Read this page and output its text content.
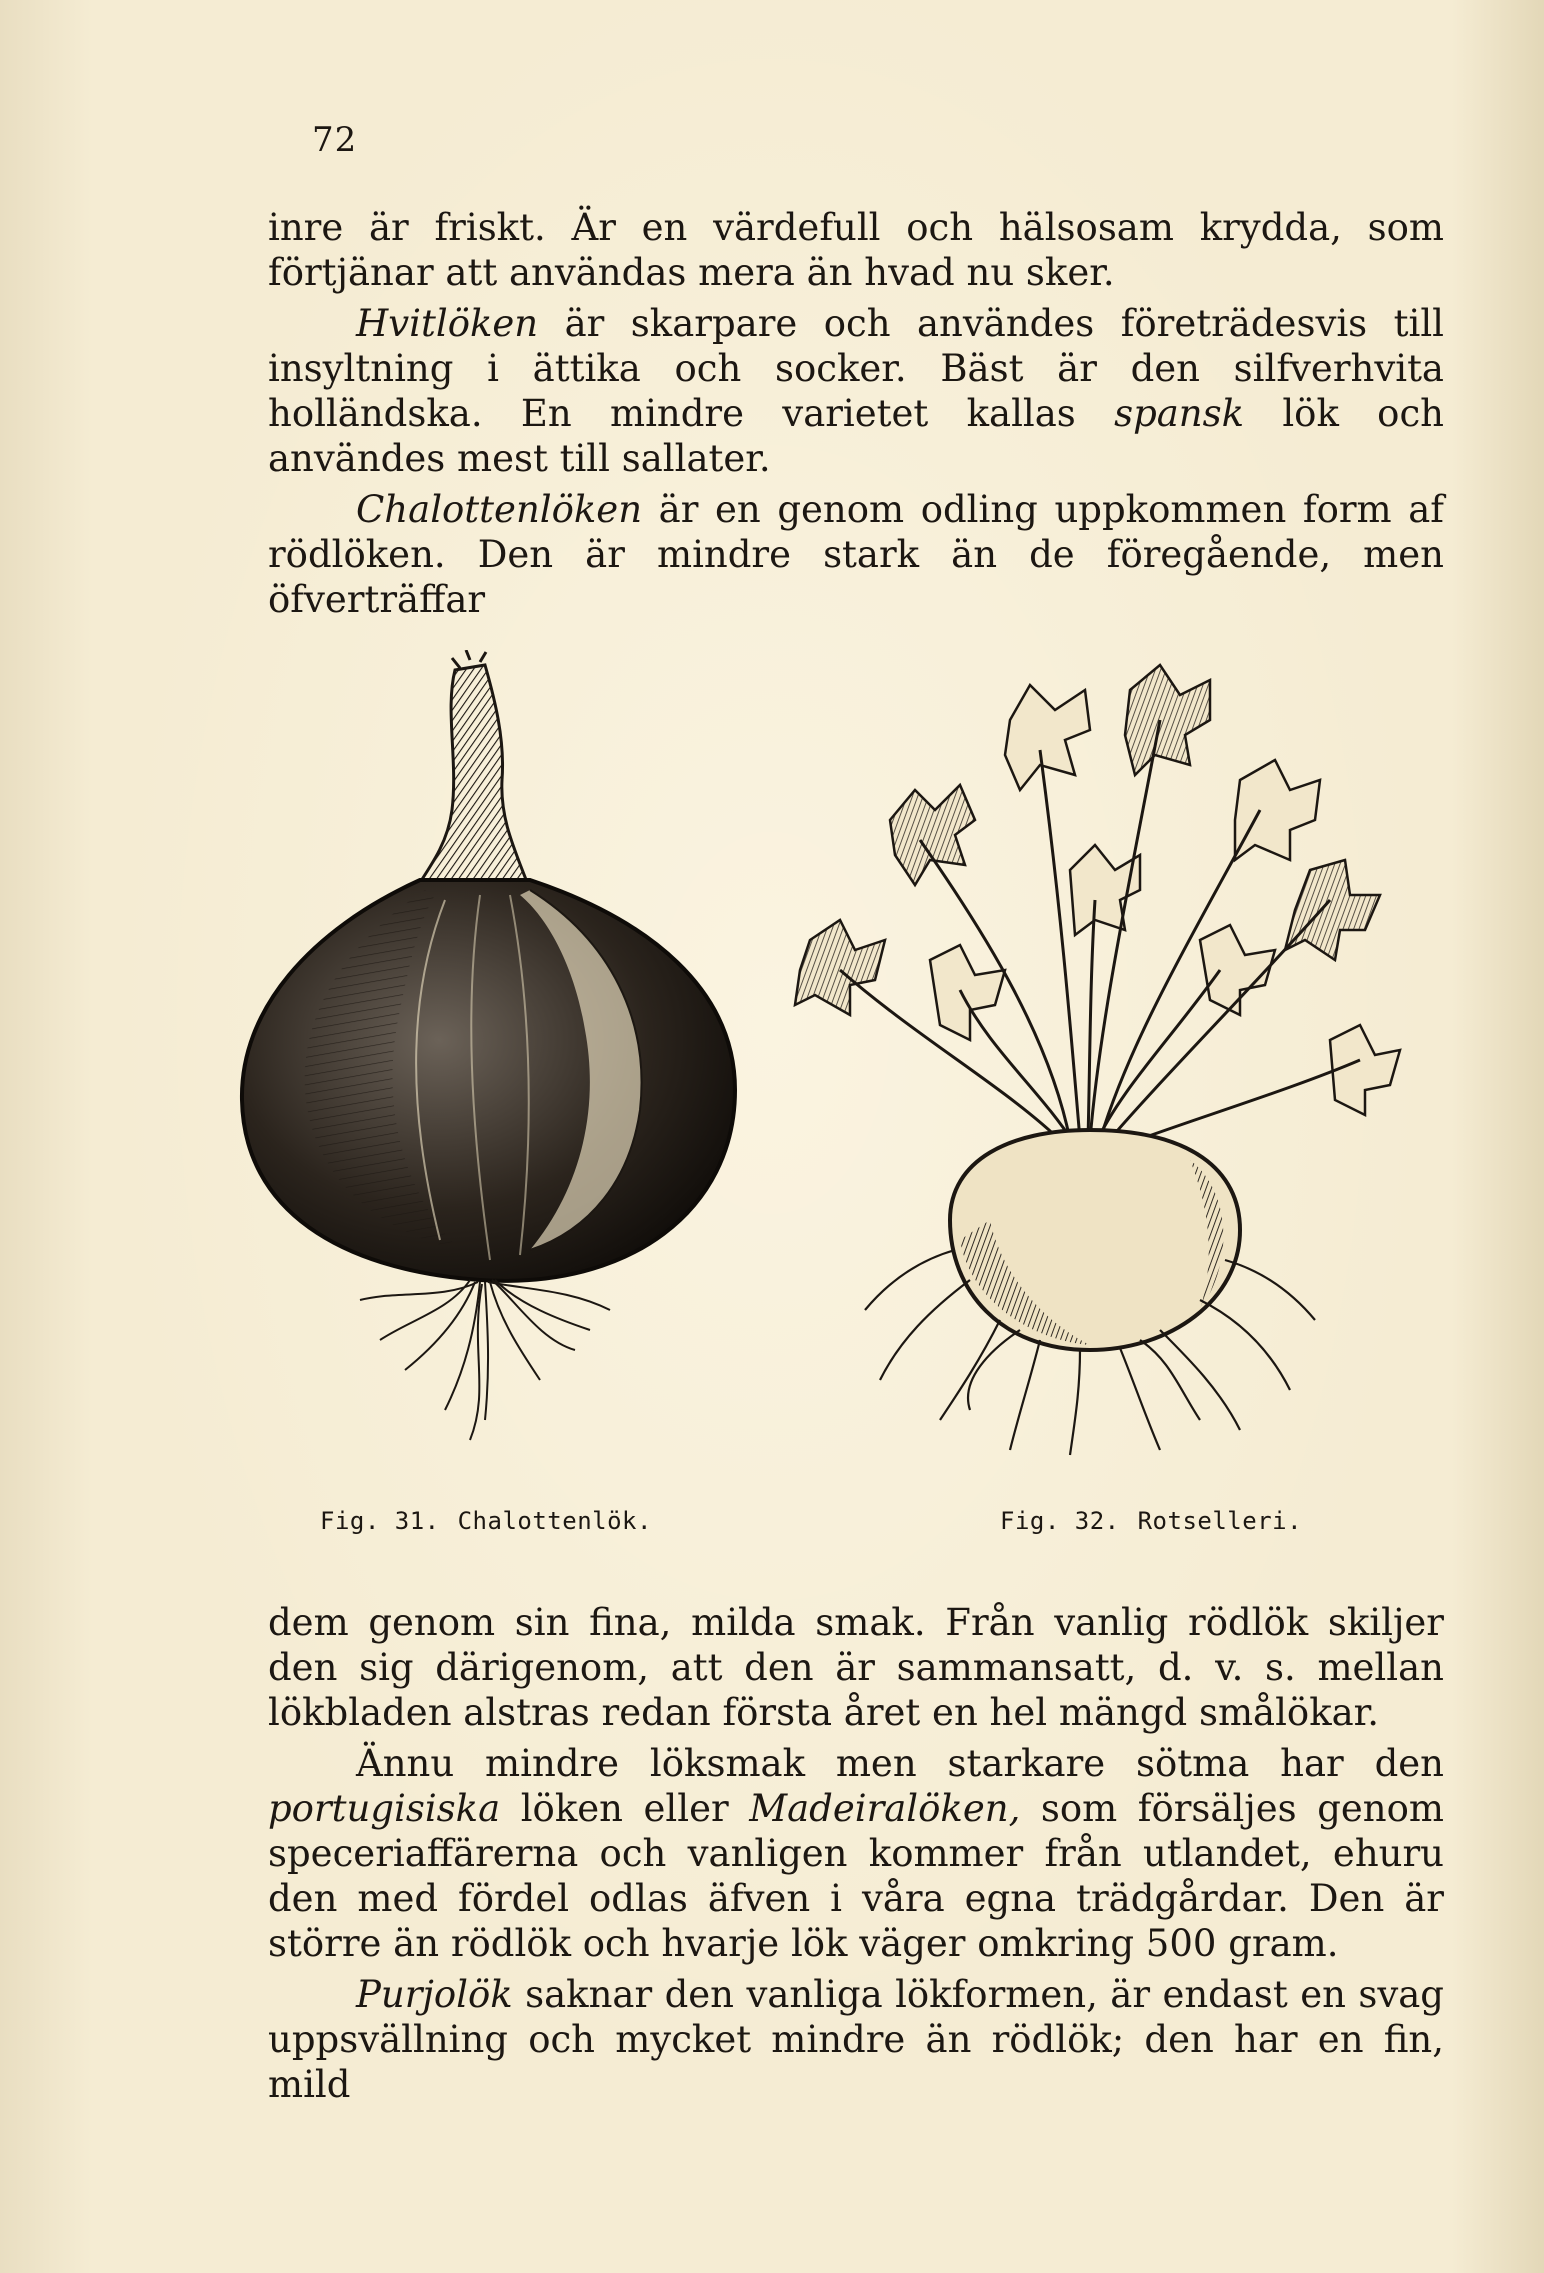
72

inre är friskt. Är en värdefull och hälsosam krydda, som förtjänar att användas mera än hvad nu sker.

Hvitlöken är skarpare och användes företrädesvis till insyltning i ättika och socker. Bäst är den silfverhvita holländska. En mindre varietet kallas spansk lök och användes mest till sallater.

Chalottenlöken är en genom odling uppkommen form af rödlöken. Den är mindre stark än de föregående, men öfverträffar

Fig. 31. Chalottenlök.	Fig. 32. Rotselleri.

dem genom sin fina, milda smak. Från vanlig rödlök skiljer den sig därigenom, att den är sammansatt, d. v. s. mellan lökbladen alstras redan första året en hel mängd smålökar.

Ännu mindre löksmak men starkare sötma har den portugisiska löken eller Madeiralöken, som försäljes genom speceriaffärerna och vanligen kommer från utlandet, ehuru den med fördel odlas äfven i våra egna trädgårdar. Den är större än rödlök och hvarje lök väger omkring 500 gram.

Purjolök saknar den vanliga lökformen, är endast en svag uppsvällning och mycket mindre än rödlök; den har en fin, mild
